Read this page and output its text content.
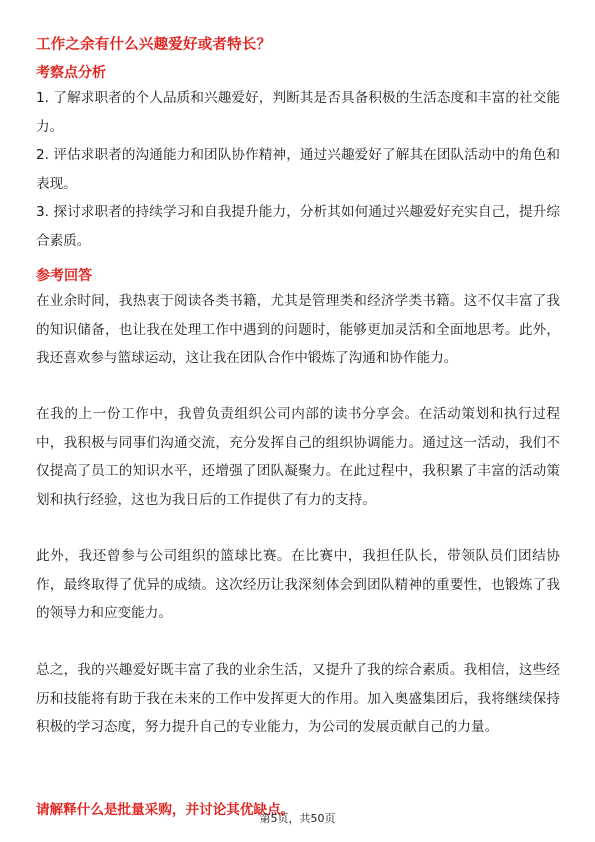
工作之余有什么兴趣爱好或者特长？
考察点分析

1. 了解求职者的个人品质和兴趣爱好，判断其是否具备积极的生活态度和丰富的社交能力。

2. 评估求职者的沟通能力和团队协作精神，通过兴趣爱好了解其在团队活动中的角色和表现。

3. 探讨求职者的持续学习和自我提升能力，分析其如何通过兴趣爱好充实自己，提升综合素质。

参考回答

在业余时间，我热衷于阅读各类书籍，尤其是管理类和经济学类书籍。这不仅丰富了我的知识储备，也让我在处理工作中遇到的问题时，能够更加灵活和全面地思考。此外，我还喜欢参与篮球运动，这让我在团队合作中锻炼了沟通和协作能力。

在我的上一份工作中，我曾负责组织公司内部的读书分享会。在活动策划和执行过程中，我积极与同事们沟通交流，充分发挥自己的组织协调能力。通过这一活动，我们不仅提高了员工的知识水平，还增强了团队凝聚力。在此过程中，我积累了丰富的活动策划和执行经验，这也为我日后的工作提供了有力的支持。

此外，我还曾参与公司组织的篮球比赛。在比赛中，我担任队长，带领队员们团结协作，最终取得了优异的成绩。这次经历让我深刻体会到团队精神的重要性，也锻炼了我的领导力和应变能力。

总之，我的兴趣爱好既丰富了我的业余生活，又提升了我的综合素质。我相信，这些经历和技能将有助于我在未来的工作中发挥更大的作用。加入奥盛集团后，我将继续保持积极的学习态度，努力提升自己的专业能力，为公司的发展贡献自己的力量。

请解释什么是批量采购，并讨论其优缺点。
第5页，共50页
